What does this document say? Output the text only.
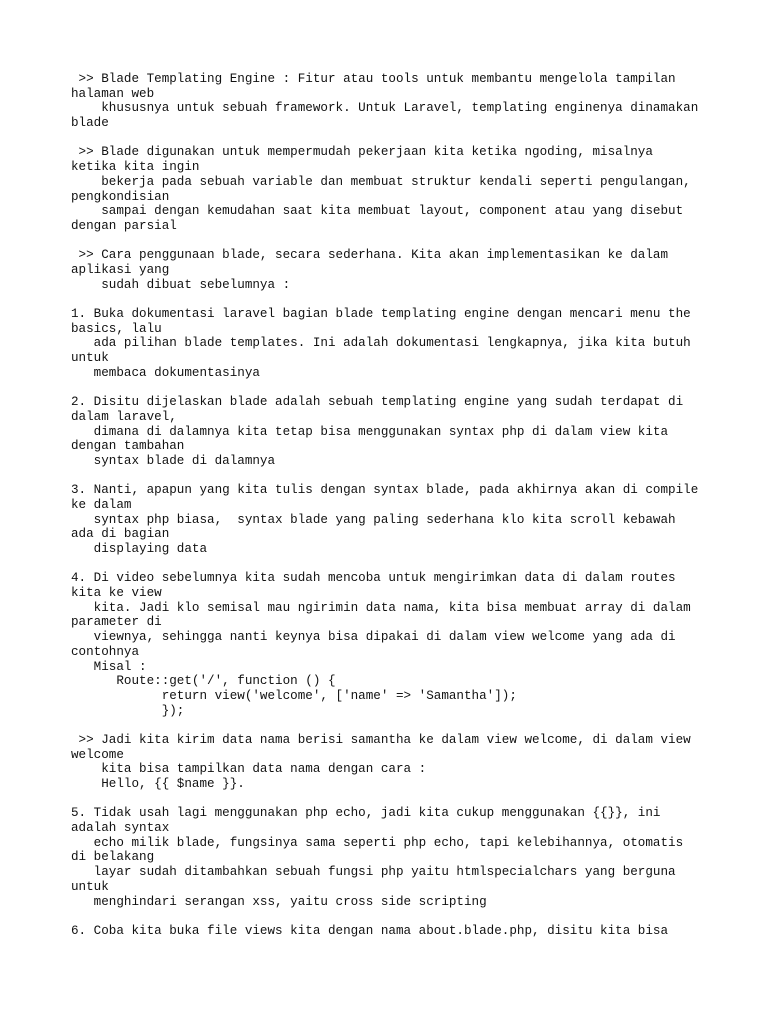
>> Blade Templating Engine : Fitur atau tools untuk membantu mengelola tampilan
halaman web
khususnya untuk sebuah framework. Untuk Laravel, templating enginenya dinamakan
blade
>> Blade digunakan untuk mempermudah pekerjaan kita ketika ngoding, misalnya
ketika kita ingin
bekerja pada sebuah variable dan membuat struktur kendali seperti pengulangan,
pengkondisian
sampai dengan kemudahan saat kita membuat layout, component atau yang disebut
dengan parsial
>> Cara penggunaan blade, secara sederhana. Kita akan implementasikan ke dalam
aplikasi yang
sudah dibuat sebelumnya :
1. Buka dokumentasi laravel bagian blade templating engine dengan mencari menu the
basics, lalu
ada pilihan blade templates. Ini adalah dokumentasi lengkapnya, jika kita butuh
untuk
membaca dokumentasinya
2. Disitu dijelaskan blade adalah sebuah templating engine yang sudah terdapat di
dalam laravel,
dimana di dalamnya kita tetap bisa menggunakan syntax php di dalam view kita
dengan tambahan
syntax blade di dalamnya
3. Nanti, apapun yang kita tulis dengan syntax blade, pada akhirnya akan di compile
ke dalam
syntax php biasa,  syntax blade yang paling sederhana klo kita scroll kebawah
ada di bagian
displaying data
4. Di video sebelumnya kita sudah mencoba untuk mengirimkan data di dalam routes
kita ke view
kita. Jadi klo semisal mau ngirimin data nama, kita bisa membuat array di dalam
parameter di
viewnya, sehingga nanti keynya bisa dipakai di dalam view welcome yang ada di
contohnya
Misal :
Route::get('/', function () {
return view('welcome', ['name' => 'Samantha']);
});
>> Jadi kita kirim data nama berisi samantha ke dalam view welcome, di dalam view
welcome
kita bisa tampilkan data nama dengan cara :
Hello, {{ $name }}.
5. Tidak usah lagi menggunakan php echo, jadi kita cukup menggunakan {{}}, ini
adalah syntax
echo milik blade, fungsinya sama seperti php echo, tapi kelebihannya, otomatis
di belakang
layar sudah ditambahkan sebuah fungsi php yaitu htmlspecialchars yang berguna
untuk
menghindari serangan xss, yaitu cross side scripting
6. Coba kita buka file views kita dengan nama about.blade.php, disitu kita bisa
